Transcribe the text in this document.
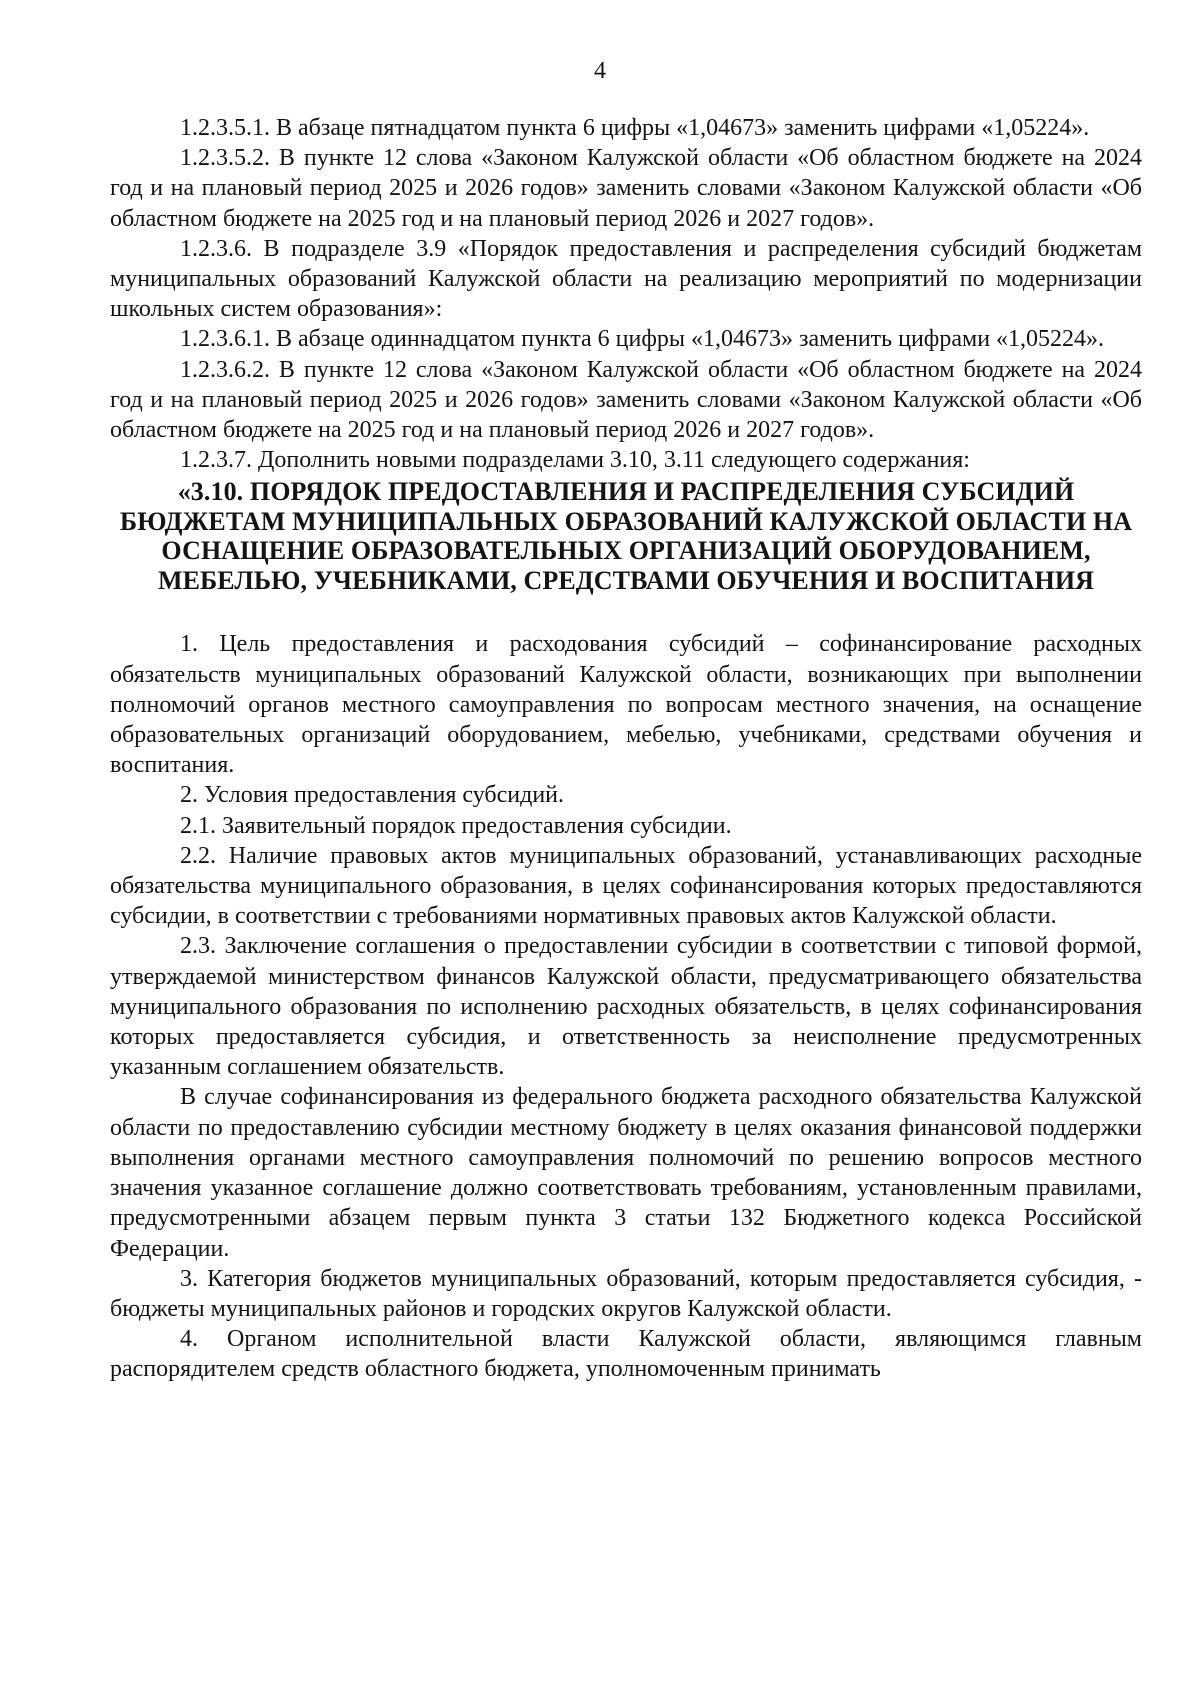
4

1.2.3.5.1. В абзаце пятнадцатом пункта 6 цифры «1,04673» заменить цифрами «1,05224».

1.2.3.5.2. В пункте 12 слова «Законом Калужской области «Об областном бюджете на 2024 год и на плановый период 2025 и 2026 годов» заменить словами «Законом Калужской области «Об областном бюджете на 2025 год и на плановый период 2026 и 2027 годов».

1.2.3.6. В подразделе 3.9 «Порядок предоставления и распределения субсидий бюджетам муниципальных образований Калужской области на реализацию мероприятий по модернизации школьных систем образования»:

1.2.3.6.1. В абзаце одиннадцатом пункта 6 цифры «1,04673» заменить цифрами «1,05224».

1.2.3.6.2. В пункте 12 слова «Законом Калужской области «Об областном бюджете на 2024 год и на плановый период 2025 и 2026 годов» заменить словами «Законом Калужской области «Об областном бюджете на 2025 год и на плановый период 2026 и 2027 годов».

1.2.3.7. Дополнить новыми подразделами 3.10, 3.11 следующего содержания:

«3.10. ПОРЯДОК ПРЕДОСТАВЛЕНИЯ И РАСПРЕДЕЛЕНИЯ СУБСИДИЙ
БЮДЖЕТАМ МУНИЦИПАЛЬНЫХ ОБРАЗОВАНИЙ КАЛУЖСКОЙ ОБЛАСТИ НА
ОСНАЩЕНИЕ ОБРАЗОВАТЕЛЬНЫХ ОРГАНИЗАЦИЙ ОБОРУДОВАНИЕМ,
МЕБЕЛЬЮ, УЧЕБНИКАМИ, СРЕДСТВАМИ ОБУЧЕНИЯ И ВОСПИТАНИЯ

1. Цель предоставления и расходования субсидий – софинансирование расходных обязательств муниципальных образований Калужской области, возникающих при выполнении полномочий органов местного самоуправления по вопросам местного значения, на оснащение образовательных организаций оборудованием, мебелью, учебниками, средствами обучения и воспитания.

2. Условия предоставления субсидий.

2.1. Заявительный порядок предоставления субсидии.

2.2. Наличие правовых актов муниципальных образований, устанавливающих расходные обязательства муниципального образования, в целях софинансирования которых предоставляются субсидии, в соответствии с требованиями нормативных правовых актов Калужской области.

2.3. Заключение соглашения о предоставлении субсидии в соответствии с типовой формой, утверждаемой министерством финансов Калужской области, предусматривающего обязательства муниципального образования по исполнению расходных обязательств, в целях софинансирования которых предоставляется субсидия, и ответственность за неисполнение предусмотренных указанным соглашением обязательств.

В случае софинансирования из федерального бюджета расходного обязательства Калужской области по предоставлению субсидии местному бюджету в целях оказания финансовой поддержки выполнения органами местного самоуправления полномочий по решению вопросов местного значения указанное соглашение должно соответствовать требованиям, установленным правилами, предусмотренными абзацем первым пункта 3 статьи 132 Бюджетного кодекса Российской Федерации.

3. Категория бюджетов муниципальных образований, которым предоставляется субсидия, - бюджеты муниципальных районов и городских округов Калужской области.

4. Органом исполнительной власти Калужской области, являющимся главным распорядителем средств областного бюджета, уполномоченным принимать
